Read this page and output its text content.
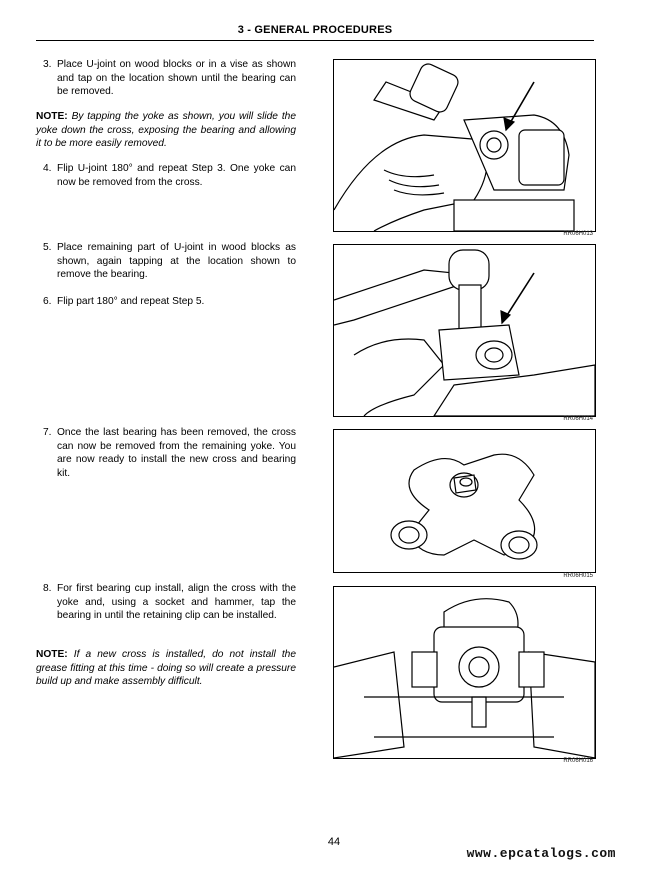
3 - GENERAL PROCEDURES
3. Place U-joint on wood blocks or in a vise as shown and tap on the location shown until the bearing can be removed.
NOTE: By tapping the yoke as shown, you will slide the yoke down the cross, exposing the bearing and allowing it to be more easily removed.
4. Flip U-joint 180° and repeat Step 3. One yoke can now be removed from the cross.
5. Place remaining part of U-joint in wood blocks as shown, again tapping at the location shown to remove the bearing.
6. Flip part 180° and repeat Step 5.
7. Once the last bearing has been removed, the cross can now be removed from the remaining yoke. You are now ready to install the new cross and bearing kit.
8. For first bearing cup install, align the cross with the yoke and, using a socket and hammer, tap the bearing in until the retaining clip can be installed.
NOTE: If a new cross is installed, do not install the grease fitting at this time - doing so will create a pressure build up and make assembly difficult.
RR06H013
RR06H014
RR06H015
RR06H016
44
www.epcatalogs.com
